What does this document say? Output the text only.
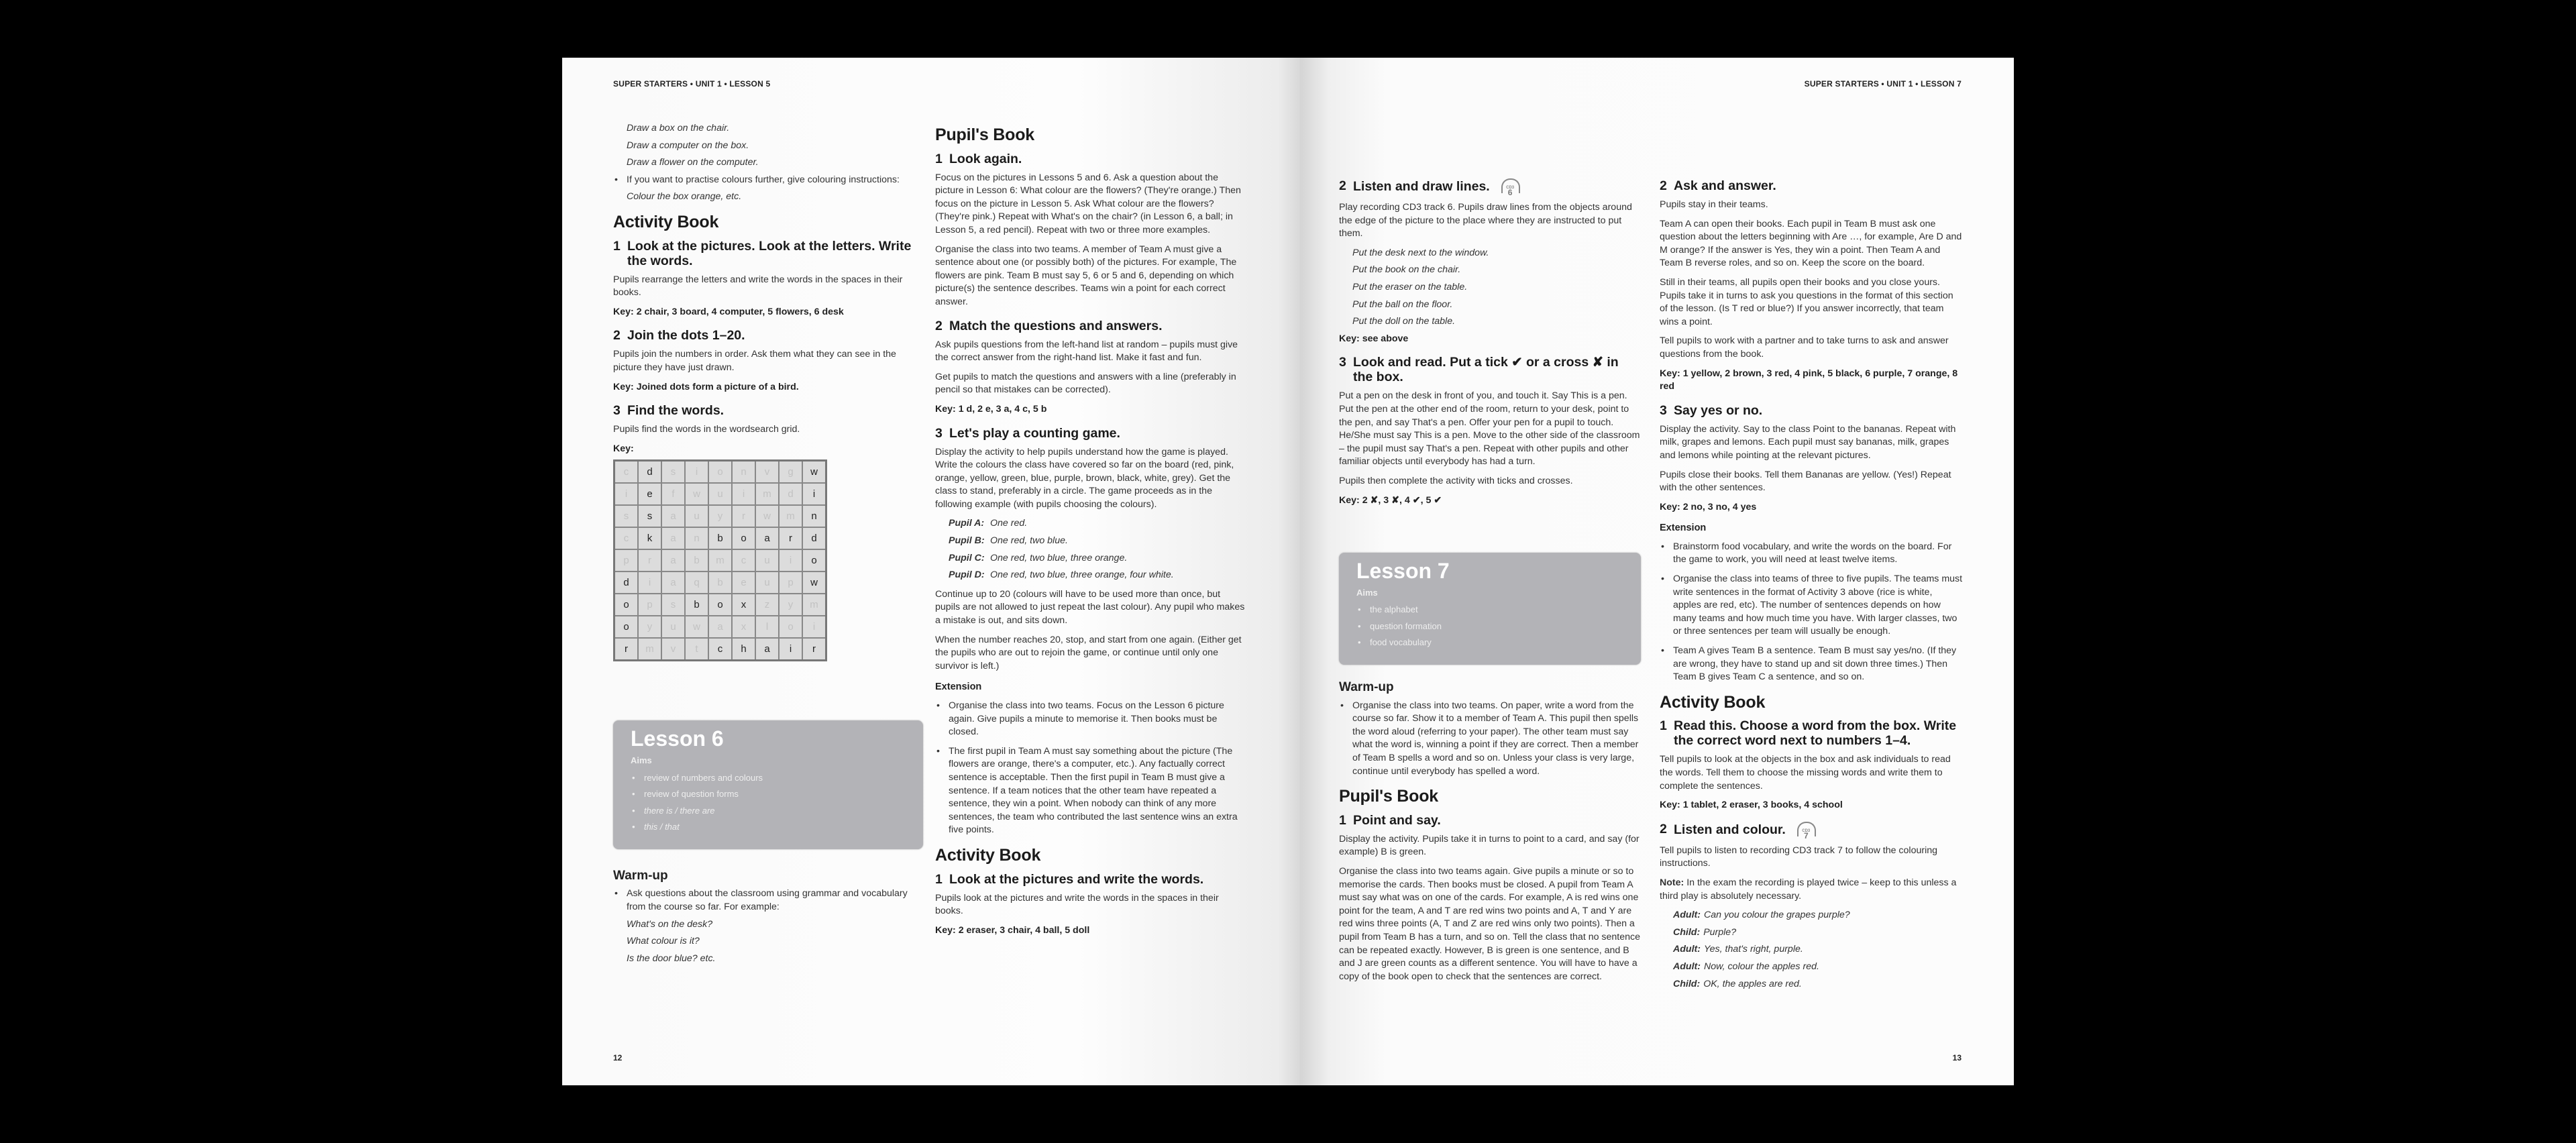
SUPER STARTERS • UNIT 1 • LESSON 5
Draw a box on the chair.
Draw a computer on the box.
Draw a flower on the computer.
• If you want to practise colours further, give colouring instructions:
Colour the box orange, etc.
Activity Book
1 Look at the pictures. Look at the letters. Write the words.

Pupils rearrange the letters and write the words in the spaces in their books.

Key: 2 chair, 3 board, 4 computer, 5 flowers, 6 desk

2 Join the dots 1–20.

Pupils join the numbers in order. Ask them what they can see in the picture they have just drawn.

Key: Joined dots form a picture of a bird.

3 Find the words.

Pupils find the words in the wordsearch grid.

Key:

c	d	s	i	o	n	v	g	w
i	e	f	w	u	i	m	d	i
s	s	a	u	y	r	w	m	n
c	k	a	n	b	o	a	r	d
p	r	a	b	m	c	u	i	o
d	i	a	q	b	e	u	p	w
o	p	s	b	o	x	z	y	m
o	y	u	w	a	x	l	o	i
r	m	v	t	c	h	a	i	r
Lesson 6
Aims
• review of numbers and colours
• review of question forms
• there is / there are
• this / that
Warm-up
• Ask questions about the classroom using grammar and vocabulary from the course so far. For example:
What's on the desk?
What colour is it?
Is the door blue? etc.
Pupil's Book
1 Look again.

Focus on the pictures in Lessons 5 and 6. Ask a question about the picture in Lesson 6: What colour are the flowers? (They're orange.) Then focus on the picture in Lesson 5. Ask What colour are the flowers? (They're pink.) Repeat with What's on the chair? (in Lesson 6, a ball; in Lesson 5, a red pencil). Repeat with two or three more examples.

Organise the class into two teams. A member of Team A must give a sentence about one (or possibly both) of the pictures. For example, The flowers are pink. Team B must say 5, 6 or 5 and 6, depending on which picture(s) the sentence describes. Teams win a point for each correct answer.

2 Match the questions and answers.

Ask pupils questions from the left-hand list at random – pupils must give the correct answer from the right-hand list. Make it fast and fun.

Get pupils to match the questions and answers with a line (preferably in pencil so that mistakes can be corrected).

Key: 1 d, 2 e, 3 a, 4 c, 5 b

3 Let's play a counting game.

Display the activity to help pupils understand how the game is played. Write the colours the class have covered so far on the board (red, pink, orange, yellow, green, blue, purple, brown, black, white, grey). Get the class to stand, preferably in a circle. The game proceeds as in the following example (with pupils choosing the colours).

Pupil A: One red.
Pupil B: One red, two blue.
Pupil C: One red, two blue, three orange.
Pupil D: One red, two blue, three orange, four white.

Continue up to 20 (colours will have to be used more than once, but pupils are not allowed to just repeat the last colour). Any pupil who makes a mistake is out, and sits down.

When the number reaches 20, stop, and start from one again. (Either get the pupils who are out to rejoin the game, or continue until only one survivor is left.)

Extension
• Organise the class into two teams. Focus on the Lesson 6 picture again. Give pupils a minute to memorise it. Then books must be closed.
• The first pupil in Team A must say something about the picture (The flowers are orange, there's a computer, etc.). Any factually correct sentence is acceptable. Then the first pupil in Team B must give a sentence. If a team notices that the other team have repeated a sentence, they win a point. When nobody can think of any more sentences, the team who contributed the last sentence wins an extra five points.
Activity Book
1 Look at the pictures and write the words.

Pupils look at the pictures and write the words in the spaces in their books.

Key: 2 eraser, 3 chair, 4 ball, 5 doll

12
SUPER STARTERS • UNIT 1 • LESSON 7
2 Listen and draw lines.	CD3
6

Play recording CD3 track 6. Pupils draw lines from the objects around the edge of the picture to the place where they are instructed to put them.

Put the desk next to the window.
Put the book on the chair.
Put the eraser on the table.
Put the ball on the floor.
Put the doll on the table.

Key: see above

3 Look and read. Put a tick ✔ or a cross ✘ in the box.

Put a pen on the desk in front of you, and touch it. Say This is a pen. Put the pen at the other end of the room, return to your desk, point to the pen, and say That's a pen. Offer your pen for a pupil to touch. He/She must say This is a pen. Move to the other side of the classroom – the pupil must say That's a pen. Repeat with other pupils and other familiar objects until everybody has had a turn.

Pupils then complete the activity with ticks and crosses.

Key: 2 ✘, 3 ✘, 4 ✔, 5 ✔

Lesson 7
Aims
• the alphabet
• question formation
• food vocabulary
Warm-up
• Organise the class into two teams. On paper, write a word from the course so far. Show it to a member of Team A. This pupil then spells the word aloud (referring to your paper). The other team must say what the word is, winning a point if they are correct. Then a member of Team B spells a word and so on. Unless your class is very large, continue until everybody has spelled a word.
Pupil's Book
1 Point and say.

Display the activity. Pupils take it in turns to point to a card, and say (for example) B is green.

Organise the class into two teams again. Give pupils a minute or so to memorise the cards. Then books must be closed. A pupil from Team A must say what was on one of the cards. For example, A is red wins one point for the team, A and T are red wins two points and A, T and Y are red wins three points (A, T and Z are red wins only two points). Then a pupil from Team B has a turn, and so on. Tell the class that no sentence can be repeated exactly. However, B is green is one sentence, and B and J are green counts as a different sentence. You will have to have a copy of the book open to check that the sentences are correct.

2 Ask and answer.

Pupils stay in their teams.

Team A can open their books. Each pupil in Team B must ask one question about the letters beginning with Are …, for example, Are D and M orange? If the answer is Yes, they win a point. Then Team A and Team B reverse roles, and so on. Keep the score on the board.

Still in their teams, all pupils open their books and you close yours. Pupils take it in turns to ask you questions in the format of this section of the lesson. (Is T red or blue?) If you answer incorrectly, that team wins a point.

Tell pupils to work with a partner and to take turns to ask and answer questions from the book.

Key: 1 yellow, 2 brown, 3 red, 4 pink, 5 black, 6 purple, 7 orange, 8 red

3 Say yes or no.

Display the activity. Say to the class Point to the bananas. Repeat with milk, grapes and lemons. Each pupil must say bananas, milk, grapes and lemons while pointing at the relevant pictures.

Pupils close their books. Tell them Bananas are yellow. (Yes!) Repeat with the other sentences.

Key: 2 no, 3 no, 4 yes

Extension
• Brainstorm food vocabulary, and write the words on the board. For the game to work, you will need at least twelve items.
• Organise the class into teams of three to five pupils. The teams must write sentences in the format of Activity 3 above (rice is white, apples are red, etc). The number of sentences depends on how many teams and how much time you have. With larger classes, two or three sentences per team will usually be enough.
• Team A gives Team B a sentence. Team B must say yes/no. (If they are wrong, they have to stand up and sit down three times.) Then Team B gives Team C a sentence, and so on.
Activity Book
1 Read this. Choose a word from the box. Write the correct word next to numbers 1–4.

Tell pupils to look at the objects in the box and ask individuals to read the words. Tell them to choose the missing words and write them to complete the sentences.

Key: 1 tablet, 2 eraser, 3 books, 4 school

2 Listen and colour.	CD3
7

Tell pupils to listen to recording CD3 track 7 to follow the colouring instructions.

Note: In the exam the recording is played twice – keep to this unless a third play is absolutely necessary.

Adult: Can you colour the grapes purple?
Child: Purple?
Adult: Yes, that's right, purple.
Adult: Now, colour the apples red.
Child: OK, the apples are red.
13
